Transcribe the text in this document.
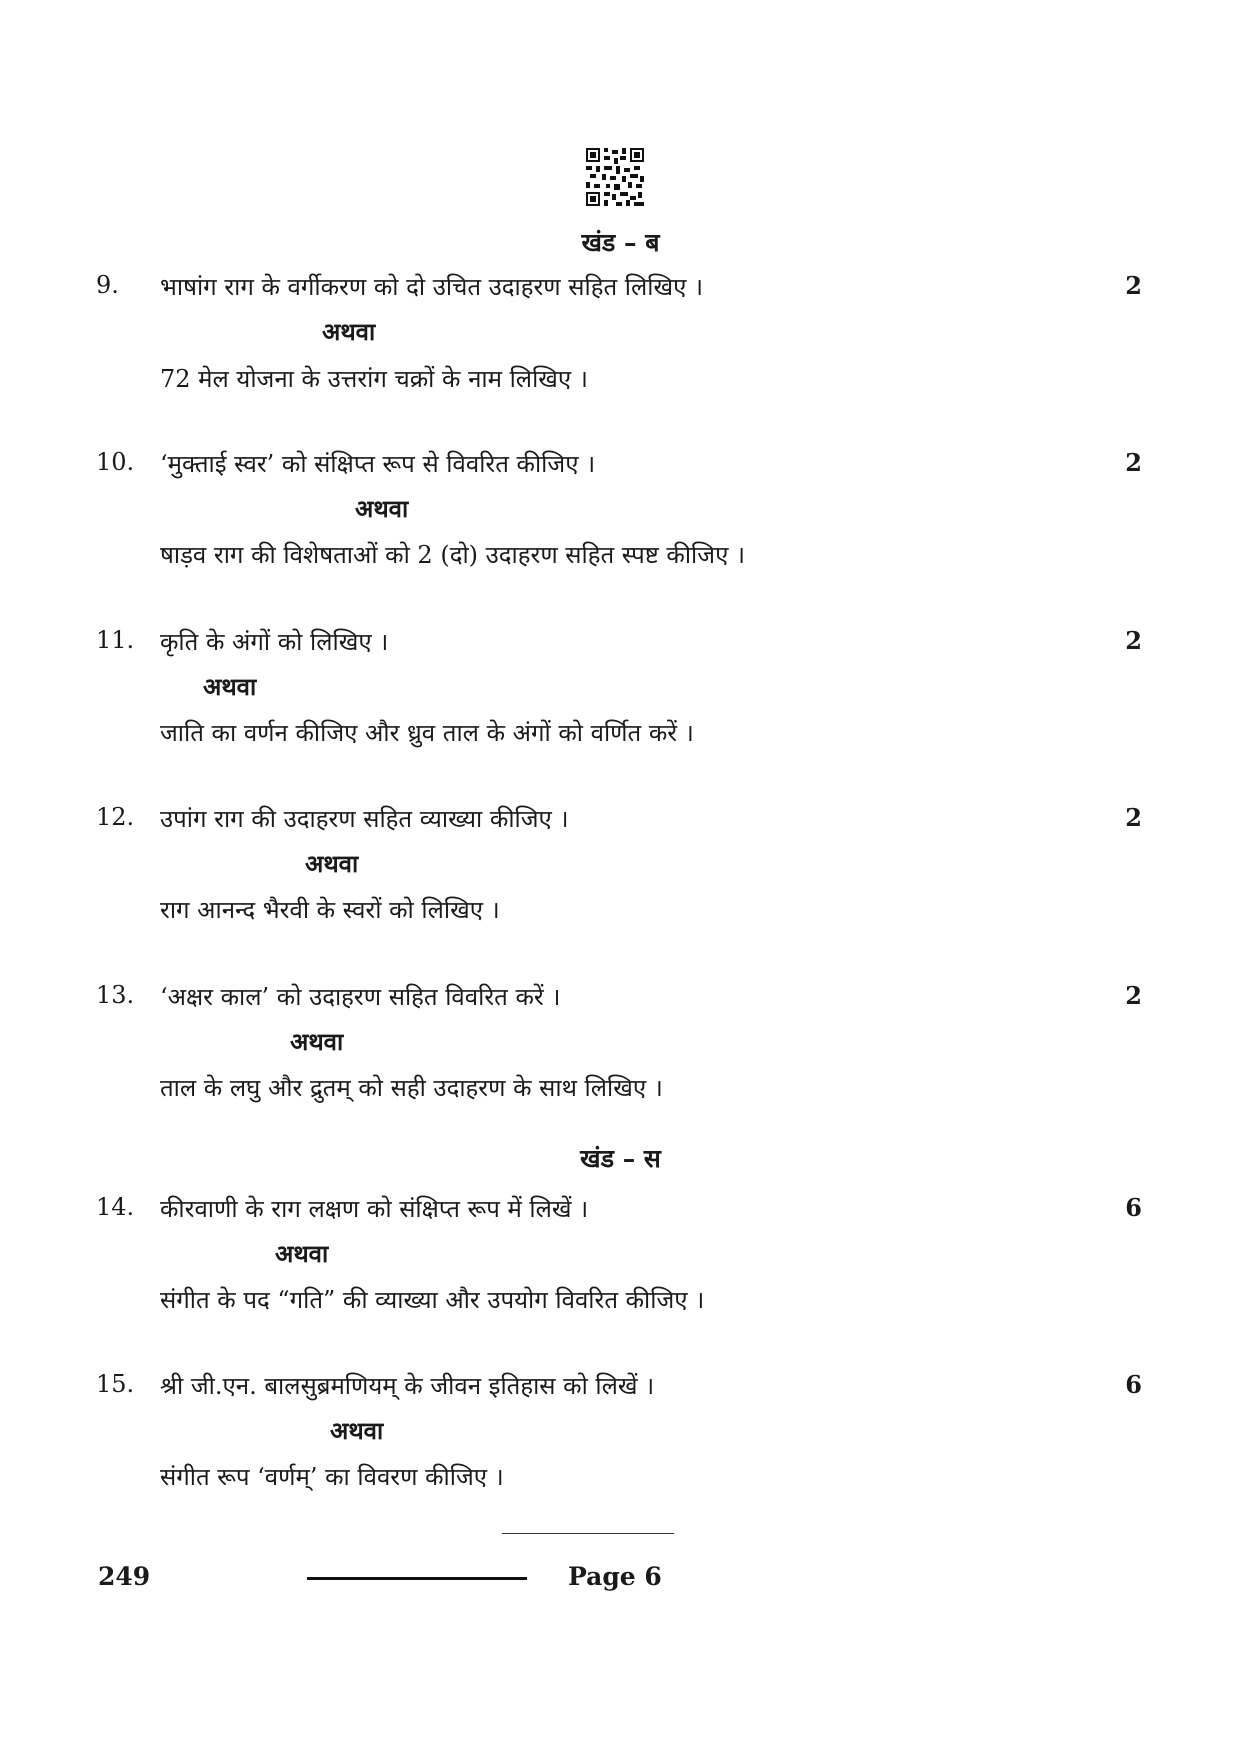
खंड – ब
9.	भाषांग राग के वर्गीकरण को दो उचित उदाहरण सहित लिखिए ।	2
अथवा
72 मेल योजना के उत्तरांग चक्रों के नाम लिखिए ।
10.	‘मुक्ताई स्वर’ को संक्षिप्त रूप से विवरित कीजिए ।	2
अथवा
षाड़व राग की विशेषताओं को 2 (दो) उदाहरण सहित स्पष्ट कीजिए ।
11.	कृति के अंगों को लिखिए ।	2
अथवा
जाति का वर्णन कीजिए और ध्रुव ताल के अंगों को वर्णित करें ।
12.	उपांग राग की उदाहरण सहित व्याख्या कीजिए ।	2
अथवा
राग आनन्द भैरवी के स्वरों को लिखिए ।
13.	‘अक्षर काल’ को उदाहरण सहित विवरित करें ।	2
अथवा
ताल के लघु और द्रुतम् को सही उदाहरण के साथ लिखिए ।
खंड – स
14.	कीरवाणी के राग लक्षण को संक्षिप्त रूप में लिखें ।	6
अथवा
संगीत के पद “गति” की व्याख्या और उपयोग विवरित कीजिए ।
15.	श्री जी.एन. बालसुब्रमणियम् के जीवन इतिहास को लिखें ।	6
अथवा
संगीत रूप ‘वर्णम्’ का विवरण कीजिए ।
249	Page 6
